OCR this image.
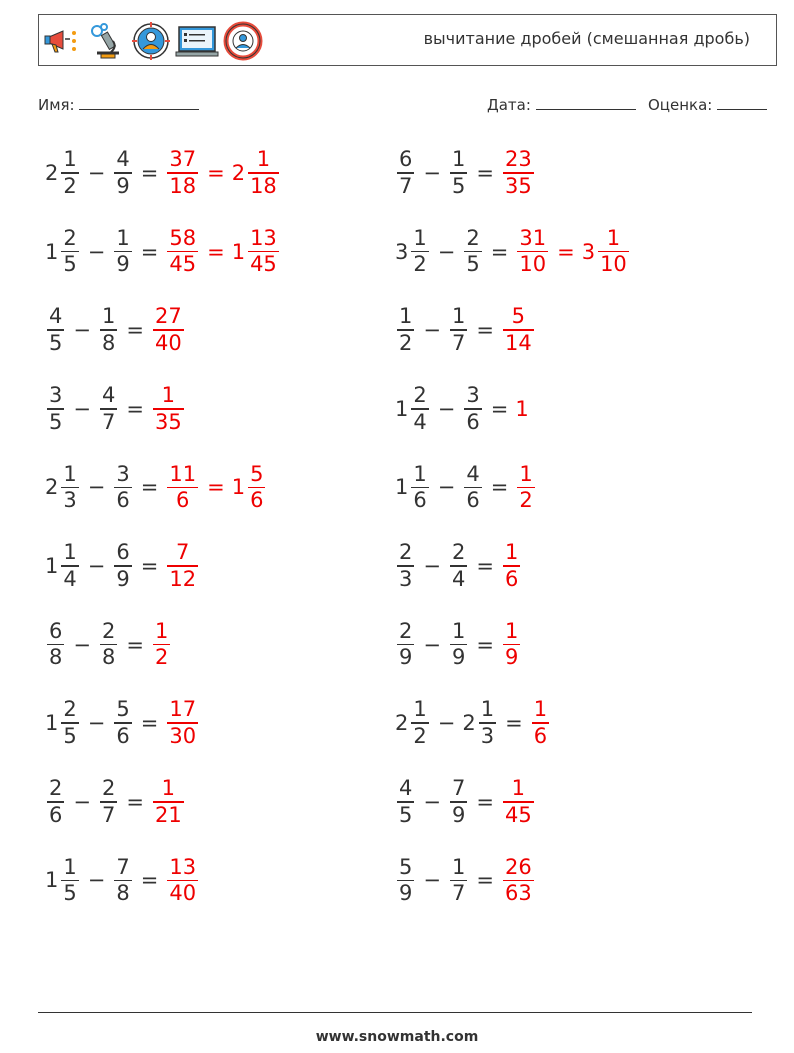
вычитание дробей (смешанная дробь)
Имя:	Дата:	Оценка:
$2 \frac{1}{2} - \frac{4}{9} = \frac{37}{18} = 2 \frac{1}{18}$	$\frac{6}{7} - \frac{1}{5} = \frac{23}{35}$
$1 \frac{2}{5} - \frac{1}{9} = \frac{58}{45} = 1 \frac{13}{45}$	$3 \frac{1}{2} - \frac{2}{5} = \frac{31}{10} = 3 \frac{1}{10}$
$\frac{4}{5} - \frac{1}{8} = \frac{27}{40}$	$\frac{1}{2} - \frac{1}{7} = \frac{5}{14}$
$\frac{3}{5} - \frac{4}{7} = \frac{1}{35}$	$1 \frac{2}{4} - \frac{3}{6} = 1$
$2 \frac{1}{3} - \frac{3}{6} = \frac{11}{6} = 1 \frac{5}{6}$	$1 \frac{1}{6} - \frac{4}{6} = \frac{1}{2}$
$1 \frac{1}{4} - \frac{6}{9} = \frac{7}{12}$	$\frac{2}{3} - \frac{2}{4} = \frac{1}{6}$
$\frac{6}{8} - \frac{2}{8} = \frac{1}{2}$	$\frac{2}{9} - \frac{1}{9} = \frac{1}{9}$
$1 \frac{2}{5} - \frac{5}{6} = \frac{17}{30}$	$2 \frac{1}{2} - 2 \frac{1}{3} = \frac{1}{6}$
$\frac{2}{6} - \frac{2}{7} = \frac{1}{21}$	$\frac{4}{5} - \frac{7}{9} = \frac{1}{45}$
$1 \frac{1}{5} - \frac{7}{8} = \frac{13}{40}$	$\frac{5}{9} - \frac{1}{7} = \frac{26}{63}$
www.snowmath.com
